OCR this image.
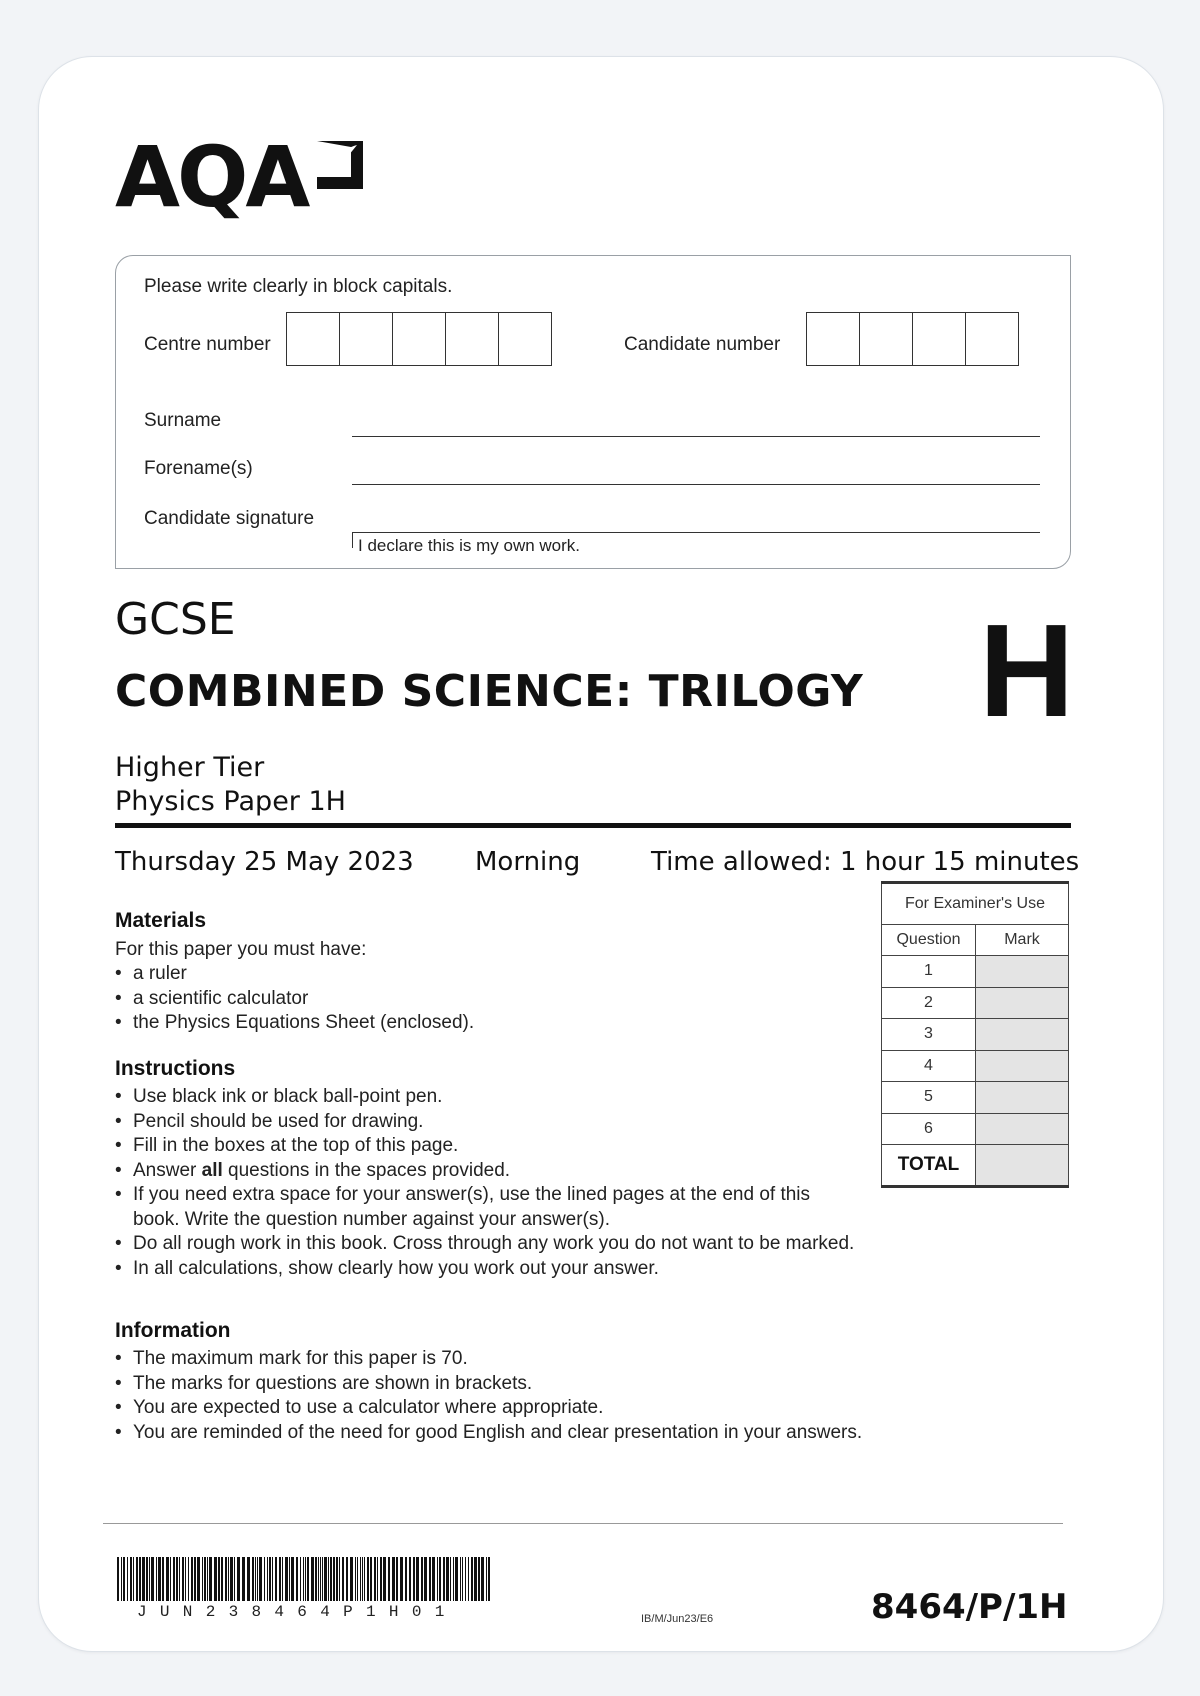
AQA
Please write clearly in block capitals.
Centre number	Candidate number
Surname
Forename(s)
Candidate signature
I declare this is my own work.
GCSE
COMBINED SCIENCE: TRILOGY H
Higher Tier
Physics Paper 1H
Thursday 25 May 2023 Morning	Time allowed: 1 hour 15 minutes
Materials
For this paper you must have:
• a ruler
• a scientific calculator
• the Physics Equations Sheet (enclosed).
Instructions
• Use black ink or black ball-point pen.
• Pencil should be used for drawing.
• Fill in the boxes at the top of this page.
• Answer all questions in the spaces provided.
• If you need extra space for your answer(s), use the lined pages at the end of this book. Write the question number against your answer(s).
• Do all rough work in this book. Cross through any work you do not want to be marked.
• In all calculations, show clearly how you work out your answer.
Information
• The maximum mark for this paper is 70.
• The marks for questions are shown in brackets.
• You are expected to use a calculator where appropriate.
• You are reminded of the need for good English and clear presentation in your answers.
For Examiner's Use	
Question	Mark
1	
2	
3	
4	
5	
6	
TOTAL	
JUN238464P1H01	IB/M/Jun23/E6	8464/P/1H
